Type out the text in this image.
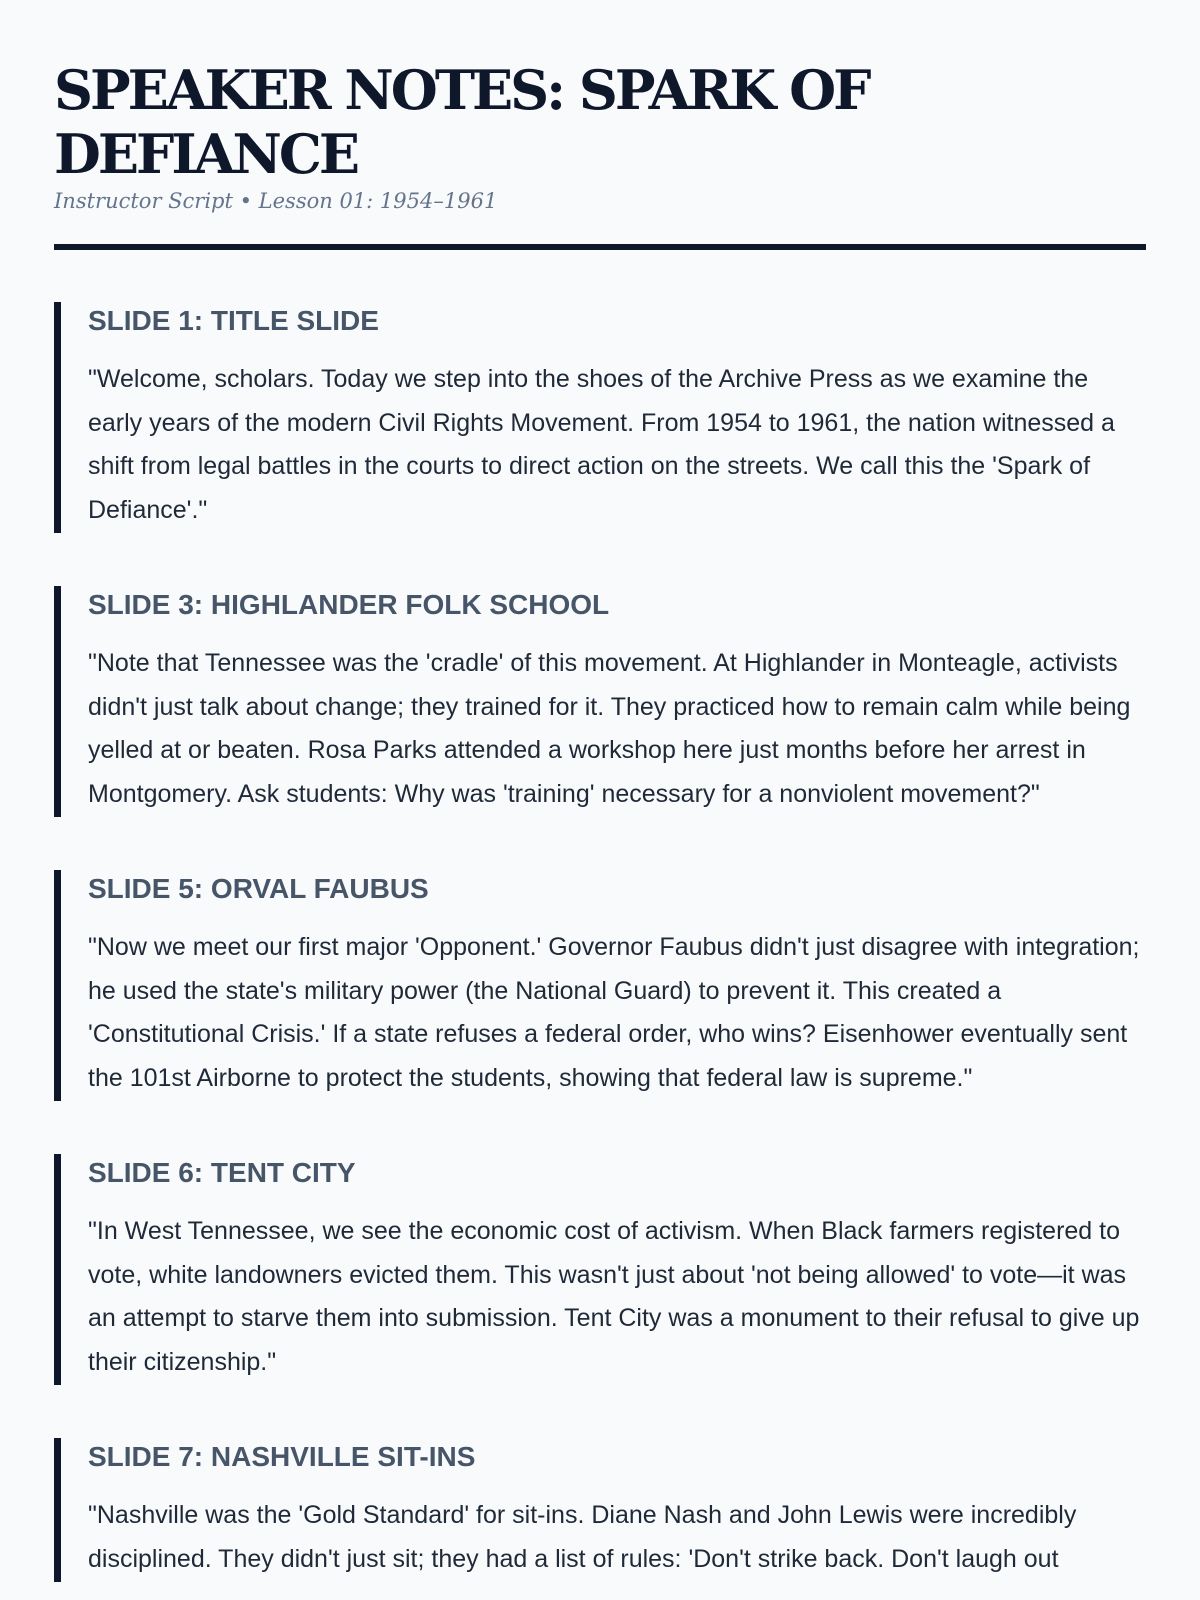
SPEAKER NOTES: SPARK OF DEFIANCE
Instructor Script • Lesson 01: 1954–1961
SLIDE 1: TITLE SLIDE

"Welcome, scholars. Today we step into the shoes of the Archive Press as we examine the early years of the modern Civil Rights Movement. From 1954 to 1961, the nation witnessed a shift from legal battles in the courts to direct action on the streets. We call this the 'Spark of Defiance'."

SLIDE 3: HIGHLANDER FOLK SCHOOL

"Note that Tennessee was the 'cradle' of this movement. At Highlander in Monteagle, activists didn't just talk about change; they trained for it. They practiced how to remain calm while being yelled at or beaten. Rosa Parks attended a workshop here just months before her arrest in Montgomery. Ask students: Why was 'training' necessary for a nonviolent movement?"

SLIDE 5: ORVAL FAUBUS

"Now we meet our first major 'Opponent.' Governor Faubus didn't just disagree with integration; he used the state's military power (the National Guard) to prevent it. This created a 'Constitutional Crisis.' If a state refuses a federal order, who wins? Eisenhower eventually sent the 101st Airborne to protect the students, showing that federal law is supreme."

SLIDE 6: TENT CITY

"In West Tennessee, we see the economic cost of activism. When Black farmers registered to vote, white landowners evicted them. This wasn't just about 'not being allowed' to vote—it was an attempt to starve them into submission. Tent City was a monument to their refusal to give up their citizenship."

SLIDE 7: NASHVILLE SIT-INS

"Nashville was the 'Gold Standard' for sit-ins. Diane Nash and John Lewis were incredibly disciplined. They didn't just sit; they had a list of rules: 'Don't strike back. Don't laugh out
